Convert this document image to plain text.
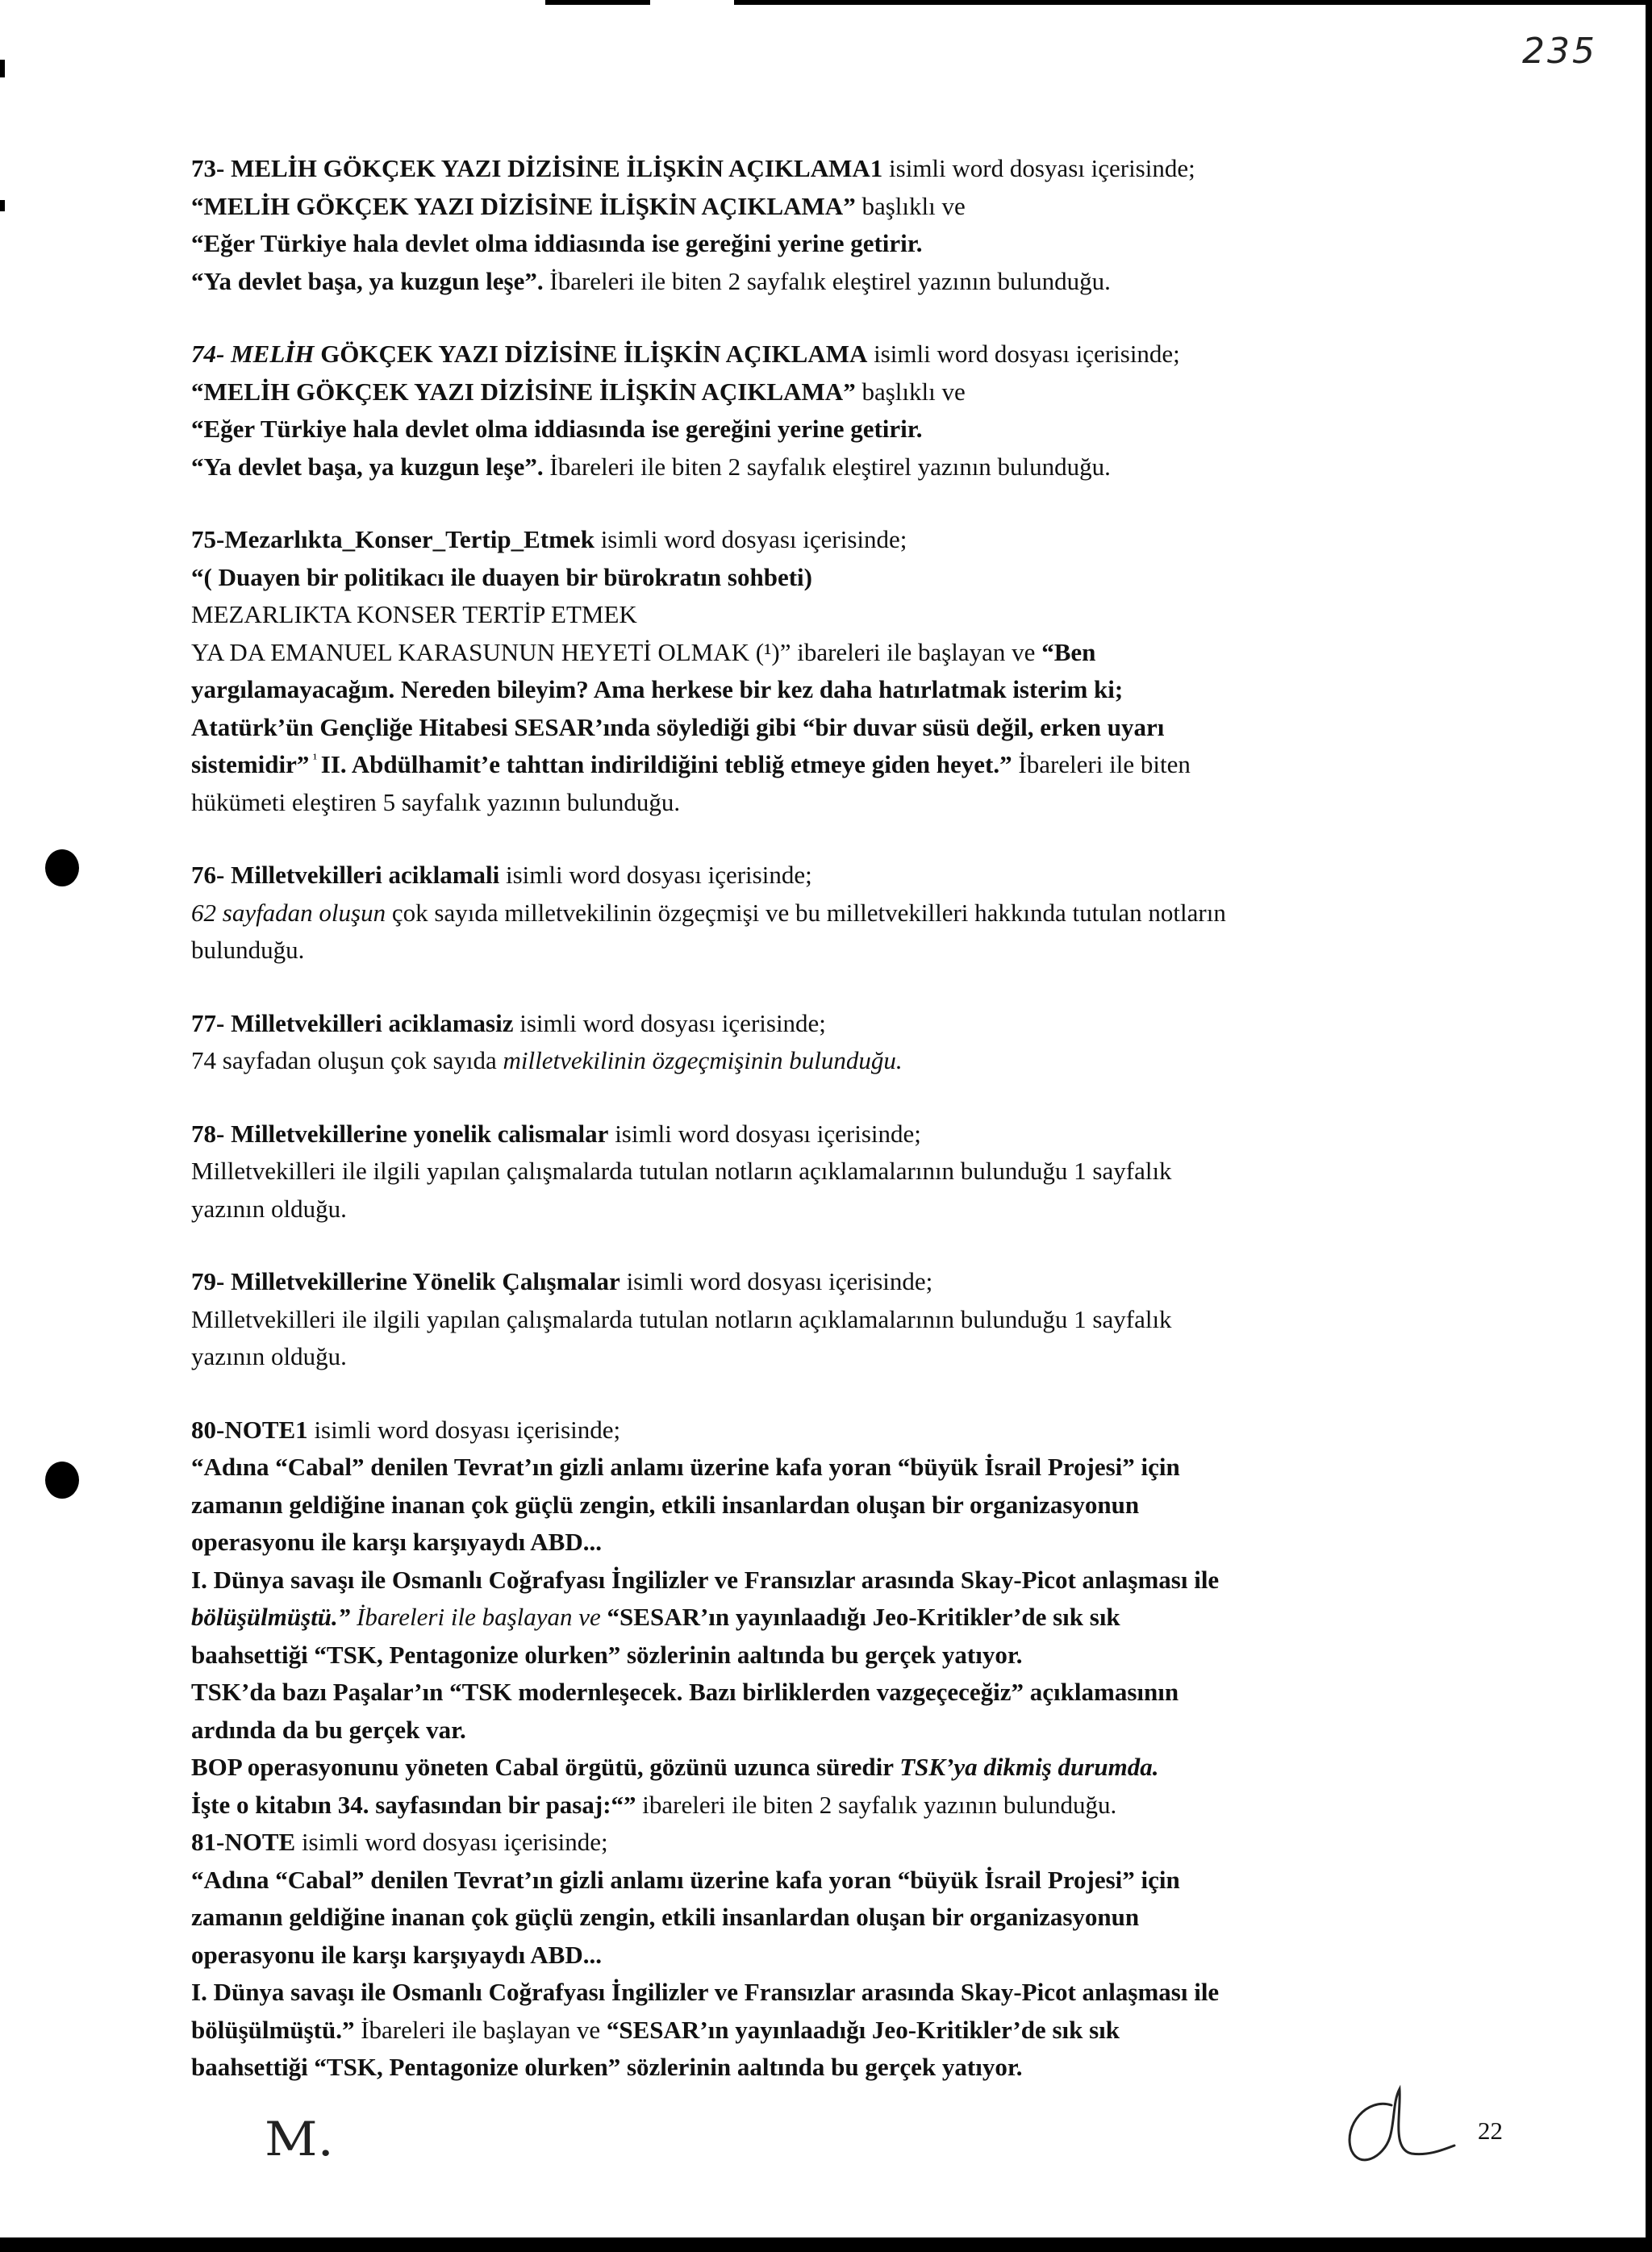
235
73- MELİH GÖKÇEK YAZI DİZİSİNE İLİŞKİN AÇIKLAMA1 isimli word dosyası içerisinde;
“MELİH GÖKÇEK YAZI DİZİSİNE İLİŞKİN AÇIKLAMA” başlıklı ve
“Eğer Türkiye hala devlet olma iddiasında ise gereğini yerine getirir.
“Ya devlet başa, ya kuzgun leşe”. İbareleri ile biten 2 sayfalık eleştirel yazının bulunduğu.
74- MELİH GÖKÇEK YAZI DİZİSİNE İLİŞKİN AÇIKLAMA isimli word dosyası içerisinde;
“MELİH GÖKÇEK YAZI DİZİSİNE İLİŞKİN AÇIKLAMA” başlıklı ve
“Eğer Türkiye hala devlet olma iddiasında ise gereğini yerine getirir.
“Ya devlet başa, ya kuzgun leşe”. İbareleri ile biten 2 sayfalık eleştirel yazının bulunduğu.
75-Mezarlıkta_Konser_Tertip_Etmek isimli word dosyası içerisinde;
“( Duayen bir politikacı ile duayen bir bürokratın sohbeti)
MEZARLIKTA KONSER TERTİP ETMEK
YA DA EMANUEL KARASUNUN HEYETİ OLMAK (¹)” ibareleri ile başlayan ve “Ben
yargılamayacağım. Nereden bileyim? Ama herkese bir kez daha hatırlatmak isterim ki;
Atatürk’ün Gençliğe Hitabesi SESAR’ında söylediği gibi “bir duvar süsü değil, erken uyarı
sistemidir” $^{^1}$ II. Abdülhamit’e tahttan indirildiğini tebliğ etmeye giden heyet.” İbareleri ile biten
hükümeti eleştiren 5 sayfalık yazının bulunduğu.
76- Milletvekilleri aciklamali isimli word dosyası içerisinde;
62 sayfadan oluşun çok sayıda milletvekilinin özgeçmişi ve bu milletvekilleri hakkında tutulan notların
bulunduğu.
77- Milletvekilleri aciklamasiz isimli word dosyası içerisinde;
74 sayfadan oluşun çok sayıda milletvekilinin özgeçmişinin bulunduğu.
78- Milletvekillerine yonelik calismalar isimli word dosyası içerisinde;
Milletvekilleri ile ilgili yapılan çalışmalarda tutulan notların açıklamalarının bulunduğu 1 sayfalık
yazının olduğu.
79- Milletvekillerine Yönelik Çalışmalar isimli word dosyası içerisinde;
Milletvekilleri ile ilgili yapılan çalışmalarda tutulan notların açıklamalarının bulunduğu 1 sayfalık
yazının olduğu.
80-NOTE1 isimli word dosyası içerisinde;
“Adına “Cabal” denilen Tevrat’ın gizli anlamı üzerine kafa yoran “büyük İsrail Projesi” için
zamanın geldiğine inanan çok güçlü zengin, etkili insanlardan oluşan bir organizasyonun
operasyonu ile karşı karşıyaydı ABD...
I. Dünya savaşı ile Osmanlı Coğrafyası İngilizler ve Fransızlar arasında Skay-Picot anlaşması ile
bölüşülmüştü.” İbareleri ile başlayan ve “SESAR’ın yayınlaadığı Jeo-Kritikler’de sık sık
baahsettiği “TSK, Pentagonize olurken” sözlerinin aaltında bu gerçek yatıyor.
TSK’da bazı Paşalar’ın “TSK modernleşecek. Bazı birliklerden vazgeçeceğiz” açıklamasının
ardında da bu gerçek var.
BOP operasyonunu yöneten Cabal örgütü, gözünü uzunca süredir TSK’ya dikmiş durumda.
İşte o kitabın 34. sayfasından bir pasaj:“” ibareleri ile biten 2 sayfalık yazının bulunduğu.
81-NOTE isimli word dosyası içerisinde;
“Adına “Cabal” denilen Tevrat’ın gizli anlamı üzerine kafa yoran “büyük İsrail Projesi” için
zamanın geldiğine inanan çok güçlü zengin, etkili insanlardan oluşan bir organizasyonun
operasyonu ile karşı karşıyaydı ABD...
I. Dünya savaşı ile Osmanlı Coğrafyası İngilizler ve Fransızlar arasında Skay-Picot anlaşması ile
bölüşülmüştü.” İbareleri ile başlayan ve “SESAR’ın yayınlaadığı Jeo-Kritikler’de sık sık
baahsettiği “TSK, Pentagonize olurken” sözlerinin aaltında bu gerçek yatıyor.
M.	22
